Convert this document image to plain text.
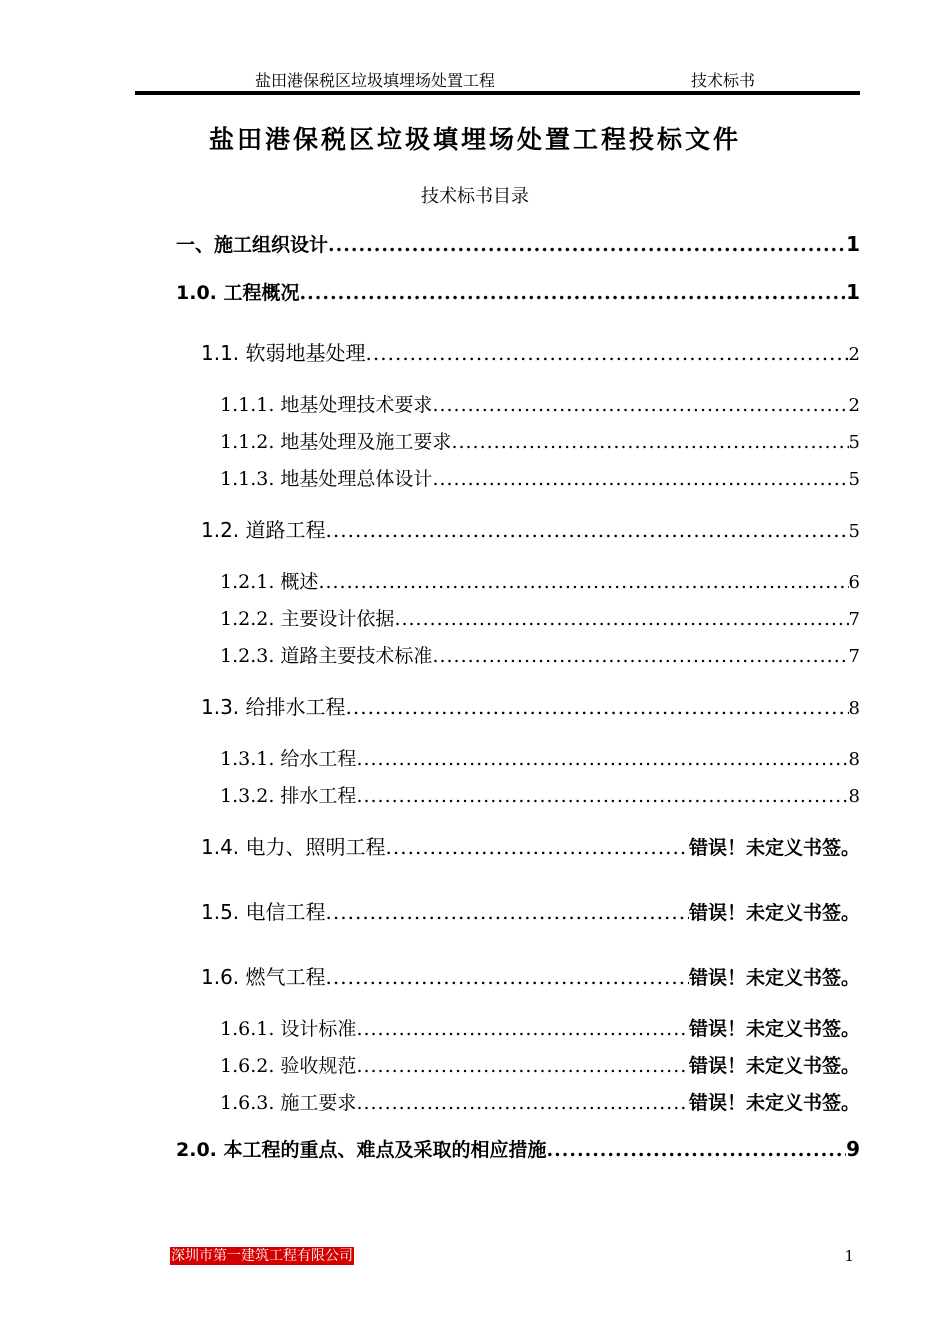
盐田港保税区垃圾填埋场处置工程	技术标书
盐田港保税区垃圾填埋场处置工程投标文件
技术标书目录
一、施工组织设计 .....	1
1.0. 工程概况 .....	1
1.1. 软弱地基处理 .....	2
1.1.1. 地基处理技术要求 .....	2
1.1.2. 地基处理及施工要求 .....	5
1.1.3. 地基处理总体设计 .....	5
1.2. 道路工程 .....	5
1.2.1. 概述 .....	6
1.2.2. 主要设计依据 .....	7
1.2.3. 道路主要技术标准 .....	7
1.3. 给排水工程 .....	8
1.3.1. 给水工程 .....	8
1.3.2. 排水工程 .....	8
1.4. 电力、照明工程 .....	错误！未定义书签。
1.5. 电信工程 .....	错误！未定义书签。
1.6. 燃气工程 .....	错误！未定义书签。
1.6.1. 设计标准 .....	错误！未定义书签。
1.6.2. 验收规范 .....	错误！未定义书签。
1.6.3. 施工要求 .....	错误！未定义书签。
2.0. 本工程的重点、难点及采取的相应措施 .....	9
深圳市第一建筑工程有限公司	1
